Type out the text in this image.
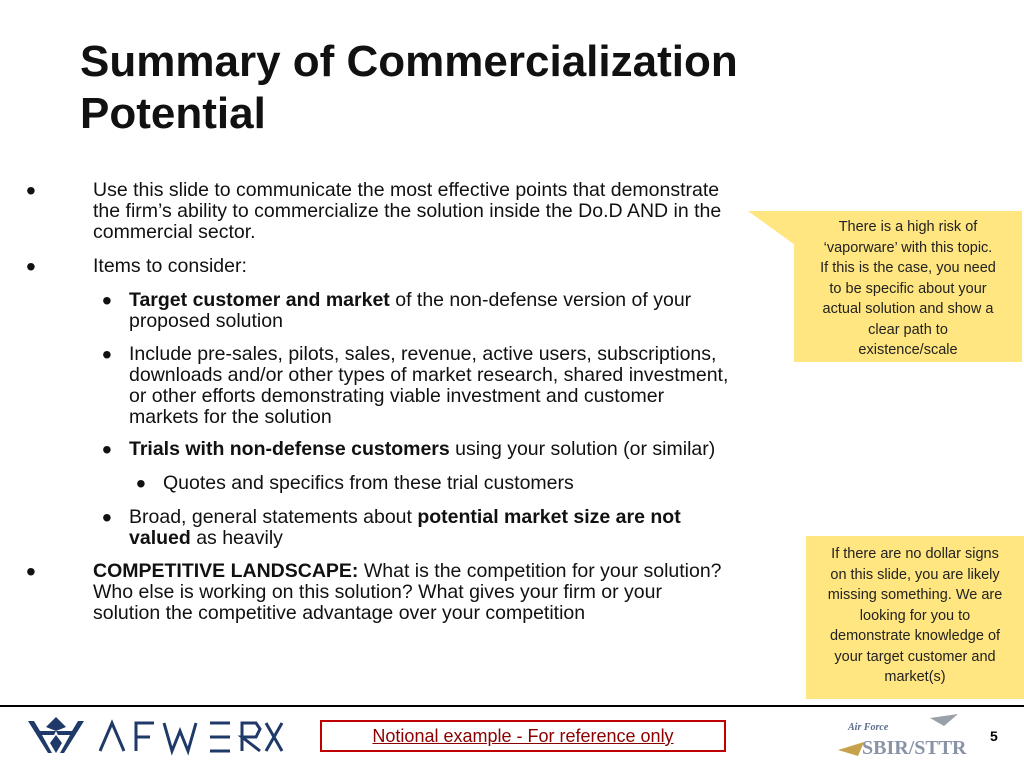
Summary of Commercialization
Potential
•	Use this slide to communicate the most effective points that demonstrate
the firm’s ability to commercialize the solution inside the Do.D AND in the
commercial sector.
•	Items to consider:
• Target customer and market of the non-defense version of your
proposed solution
• Include pre-sales, pilots, sales, revenue, active users, subscriptions,
downloads and/or other types of market research, shared investment,
or other efforts demonstrating viable investment and customer
markets for the solution
• Trials with non-defense customers using your solution (or similar)
• Quotes and specifics from these trial customers
• Broad, general statements about potential market size are not
valued as heavily
•	COMPETITIVE LANDSCAPE: What is the competition for your solution?
Who else is working on this solution? What gives your firm or your
solution the competitive advantage over your competition
There is a high risk of
‘vaporware’ with this topic.
If this is the case, you need
to be specific about your
actual solution and show a
clear path to
existence/scale
If there are no dollar signs
on this slide, you are likely
missing something. We are
looking for you to
demonstrate knowledge of
your target customer and
market(s)
Notional example - For reference only	Air Force
SBIR/STTR
5
